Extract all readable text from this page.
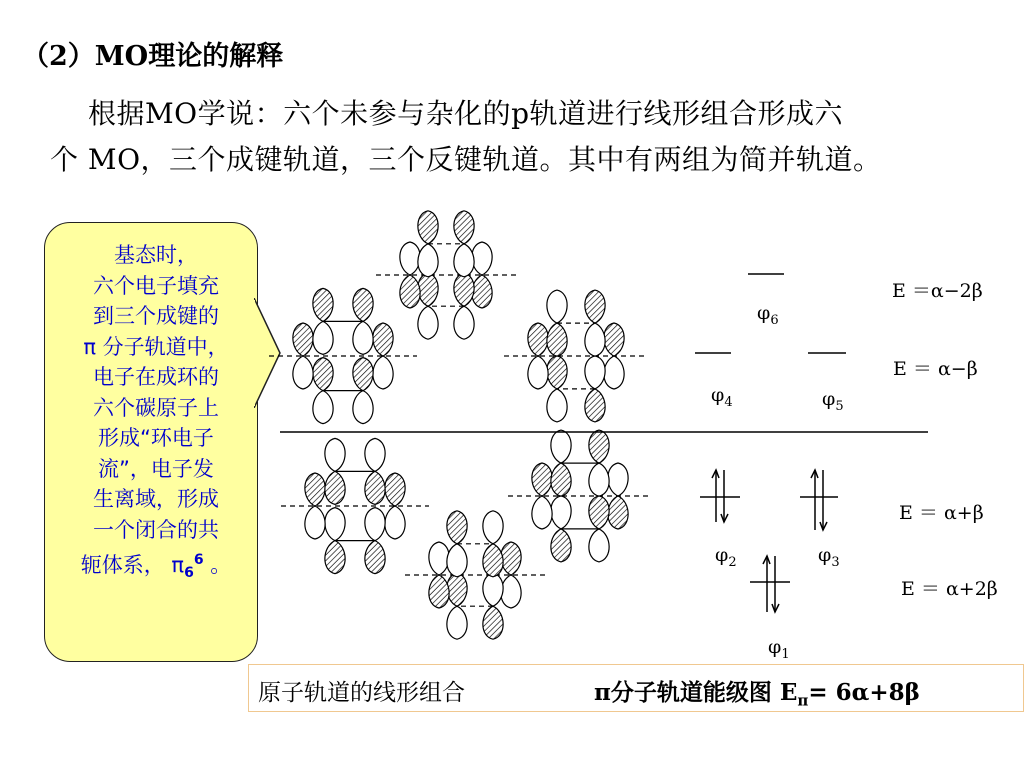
（2）MO理论的解释
根据MO学说：六个未参与杂化的p轨道进行线形组合形成六
个 MO，三个成键轨道，三个反键轨道。其中有两组为简并轨道。
基态时，
六个电子填充
到三个成键的
π 分子轨道中，
电子在成环的
六个碳原子上
形成“环电子
流”，电子发
生离域，形成
一个闭合的共
轭体系， $\pi_6^6$ 。
$\varphi_6$
$\varphi_4$	$\varphi_5$
$\varphi_2$	$\varphi_3$
$\varphi_1$
E ＝α−2β
E ＝ α−β
E ＝ α+β
E ＝ α+2β
原子轨道的线形组合	π分子轨道能级图 $E_\pi= 6\alpha+8\beta$
